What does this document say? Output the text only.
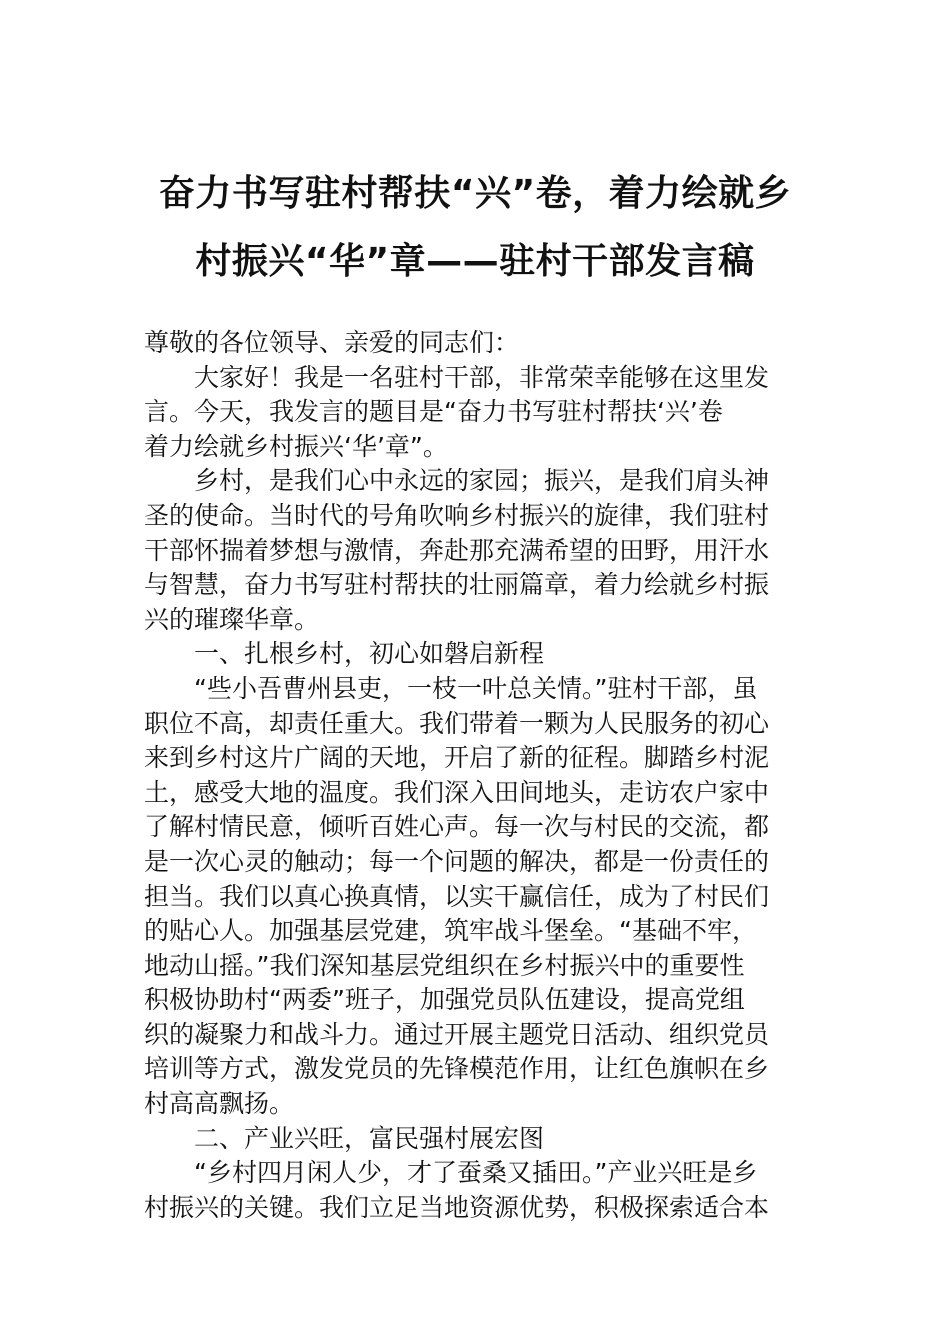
奋力书写驻村帮扶“兴”卷，着力绘就乡
村振兴“华”章——驻村干部发言稿
尊敬的各位领导、亲爱的同志们：
大家好！我是一名驻村干部，非常荣幸能够在这里发
言。今天，我发言的题目是“奋力书写驻村帮扶‘兴’卷
着力绘就乡村振兴‘华’章”。
乡村，是我们心中永远的家园；振兴，是我们肩头神
圣的使命。当时代的号角吹响乡村振兴的旋律，我们驻村
干部怀揣着梦想与激情，奔赴那充满希望的田野，用汗水
与智慧，奋力书写驻村帮扶的壮丽篇章，着力绘就乡村振
兴的璀璨华章。
一、扎根乡村，初心如磐启新程
“些小吾曹州县吏，一枝一叶总关情。”驻村干部，虽
职位不高，却责任重大。我们带着一颗为人民服务的初心
来到乡村这片广阔的天地，开启了新的征程。脚踏乡村泥
土，感受大地的温度。我们深入田间地头，走访农户家中
了解村情民意，倾听百姓心声。每一次与村民的交流，都
是一次心灵的触动；每一个问题的解决，都是一份责任的
担当。我们以真心换真情，以实干赢信任，成为了村民们
的贴心人。加强基层党建，筑牢战斗堡垒。“基础不牢，
地动山摇。”我们深知基层党组织在乡村振兴中的重要性
积极协助村“两委”班子，加强党员队伍建设，提高党组
织的凝聚力和战斗力。通过开展主题党日活动、组织党员
培训等方式，激发党员的先锋模范作用，让红色旗帜在乡
村高高飘扬。
二、产业兴旺，富民强村展宏图
“乡村四月闲人少，才了蚕桑又插田。”产业兴旺是乡
村振兴的关键。我们立足当地资源优势，积极探索适合本
